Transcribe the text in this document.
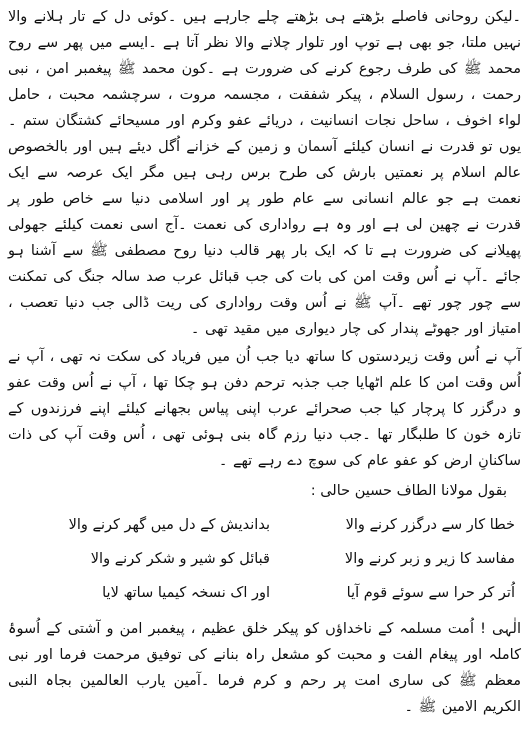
۔لیکن روحانی فاصلے بڑھتے ہی بڑھتے چلے جارہے ہیں ۔کوئی دل کے تار ہلانے والا نہیں ملتا، جو بھی ہے توپ اور تلوار چلانے والا نظر آتا ہے ۔ایسے میں پھر سے روح محمد ﷺ کی طرف رجوع کرنے کی ضرورت ہے ۔کون محمد ﷺ پیغمبر امن ، نبی رحمت ، رسول السلام ، پیکر شفقت ، مجسمہ مروت ، سرچشمہ محبت ، حامل لواء اخوف ، ساحل نجات انسانیت ، دریائے عفو وکرم اور مسیحائے کشتگان ستم ۔یوں تو قدرت نے انسان کیلئے آسمان و زمین کے خزانے اُگل دیئے ہیں اور بالخصوص عالم اسلام پر نعمتیں بارش کی طرح برس رہی ہیں مگر ایک عرصہ سے ایک نعمت ہے جو عالم انسانی سے عام طور پر اور اسلامی دنیا سے خاص طور پر قدرت نے چھین لی ہے اور وہ ہے رواداری کی نعمت ۔آج اسی نعمت کیلئے جھولی پھیلانے کی ضرورت ہے تا کہ ایک بار پھر قالب دنیا روح مصطفی ﷺ سے آشنا ہو جائے ۔آپ نے اُس وقت امن کی بات کی جب قبائل عرب صد سالہ جنگ کی تمکنت سے چور چور تھے ۔آپ ﷺ نے اُس وقت رواداری کی ریت ڈالی جب دنیا تعصب ، امتیاز اور جھوٹے پندار کی چار دیواری میں مقید تھی ۔

آپ نے اُس وقت زیردستوں کا ساتھ دیا جب اُن میں فریاد کی سکت نہ تھی ، آپ نے اُس وقت امن کا علم اٹھایا جب جذبہ ترحم دفن ہو چکا تھا ، آپ نے اُس وقت عفو و درگزر کا پرچار کیا جب صحرائے عرب اپنی پیاس بجھانے کیلئے اپنے فرزندوں کے تازہ خون کا طلبگار تھا ۔جب دنیا رزم گاہ بنی ہوئی تھی ، اُس وقت آپ کی ذات ساکنانِ ارض کو عفو عام کی سوچ دے رہے تھے ۔

بقول مولانا الطاف حسین حالی :

خطا کار سے درگزر کرنے والا
بداندیش کے دل میں گھر کرنے والا
مفاسد کا زیر و زبر کرنے والا
قبائل کو شیر و شکر کرنے والا
اُتر کر حرا سے سوئے قوم آیا
اور اک نسخہ کیمیا ساتھ لایا

الٰہی ! اُمت مسلمہ کے ناخداؤں کو پیکر خلق عظیم ، پیغمبر امن و آشتی کے اُسوۂ کاملہ اور پیغام الفت و محبت کو مشعل راہ بنانے کی توفیق مرحمت فرما اور نبی معظم ﷺ کی ساری امت پر رحم و کرم فرما ۔آمین یارب العالمین بجاہ النبی الکریم الامین ﷺ ۔
